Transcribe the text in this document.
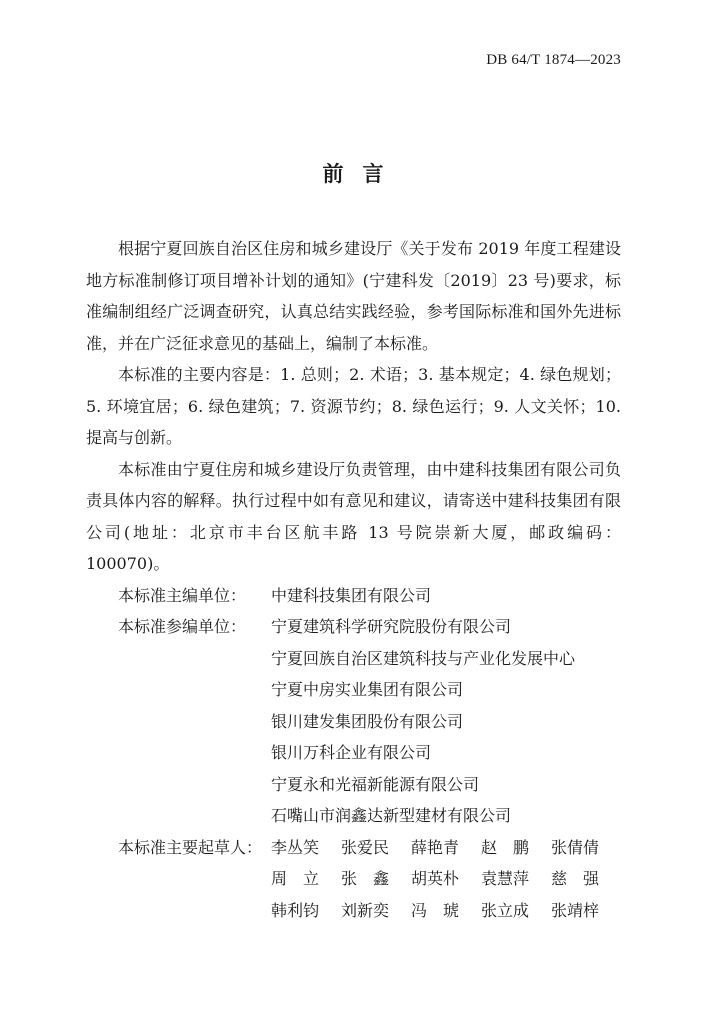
DB 64/T 1874—2023
前 言

根据宁夏回族自治区住房和城乡建设厅《关于发布 2019 年度工程建设地方标准制修订项目增补计划的通知》(宁建科发〔2019〕23 号)要求，标准编制组经广泛调查研究，认真总结实践经验，参考国际标准和国外先进标准，并在广泛征求意见的基础上，编制了本标准。

本标准的主要内容是：1. 总则；2. 术语；3. 基本规定；4. 绿色规划；5. 环境宜居；6. 绿色建筑；7. 资源节约；8. 绿色运行；9. 人文关怀；10. 提高与创新。

本标准由宁夏住房和城乡建设厅负责管理，由中建科技集团有限公司负责具体内容的解释。执行过程中如有意见和建议，请寄送中建科技集团有限公司(地址：北京市丰台区航丰路 13 号院崇新大厦，邮政编码：100070)。

本标准主编单位：	中建科技集团有限公司
本标准参编单位：	宁夏建筑科学研究院股份有限公司
宁夏回族自治区建筑科技与产业化发展中心
宁夏中房实业集团有限公司
银川建发集团股份有限公司
银川万科企业有限公司
宁夏永和光福新能源有限公司
石嘴山市润鑫达新型建材有限公司
本标准主要起草人： 李丛笑	张爱民	薛艳青	赵　鹏	张倩倩
周　立	张　鑫	胡英朴	袁慧萍	慈　强
韩利钧	刘新奕	冯　琥	张立成	张靖梓
